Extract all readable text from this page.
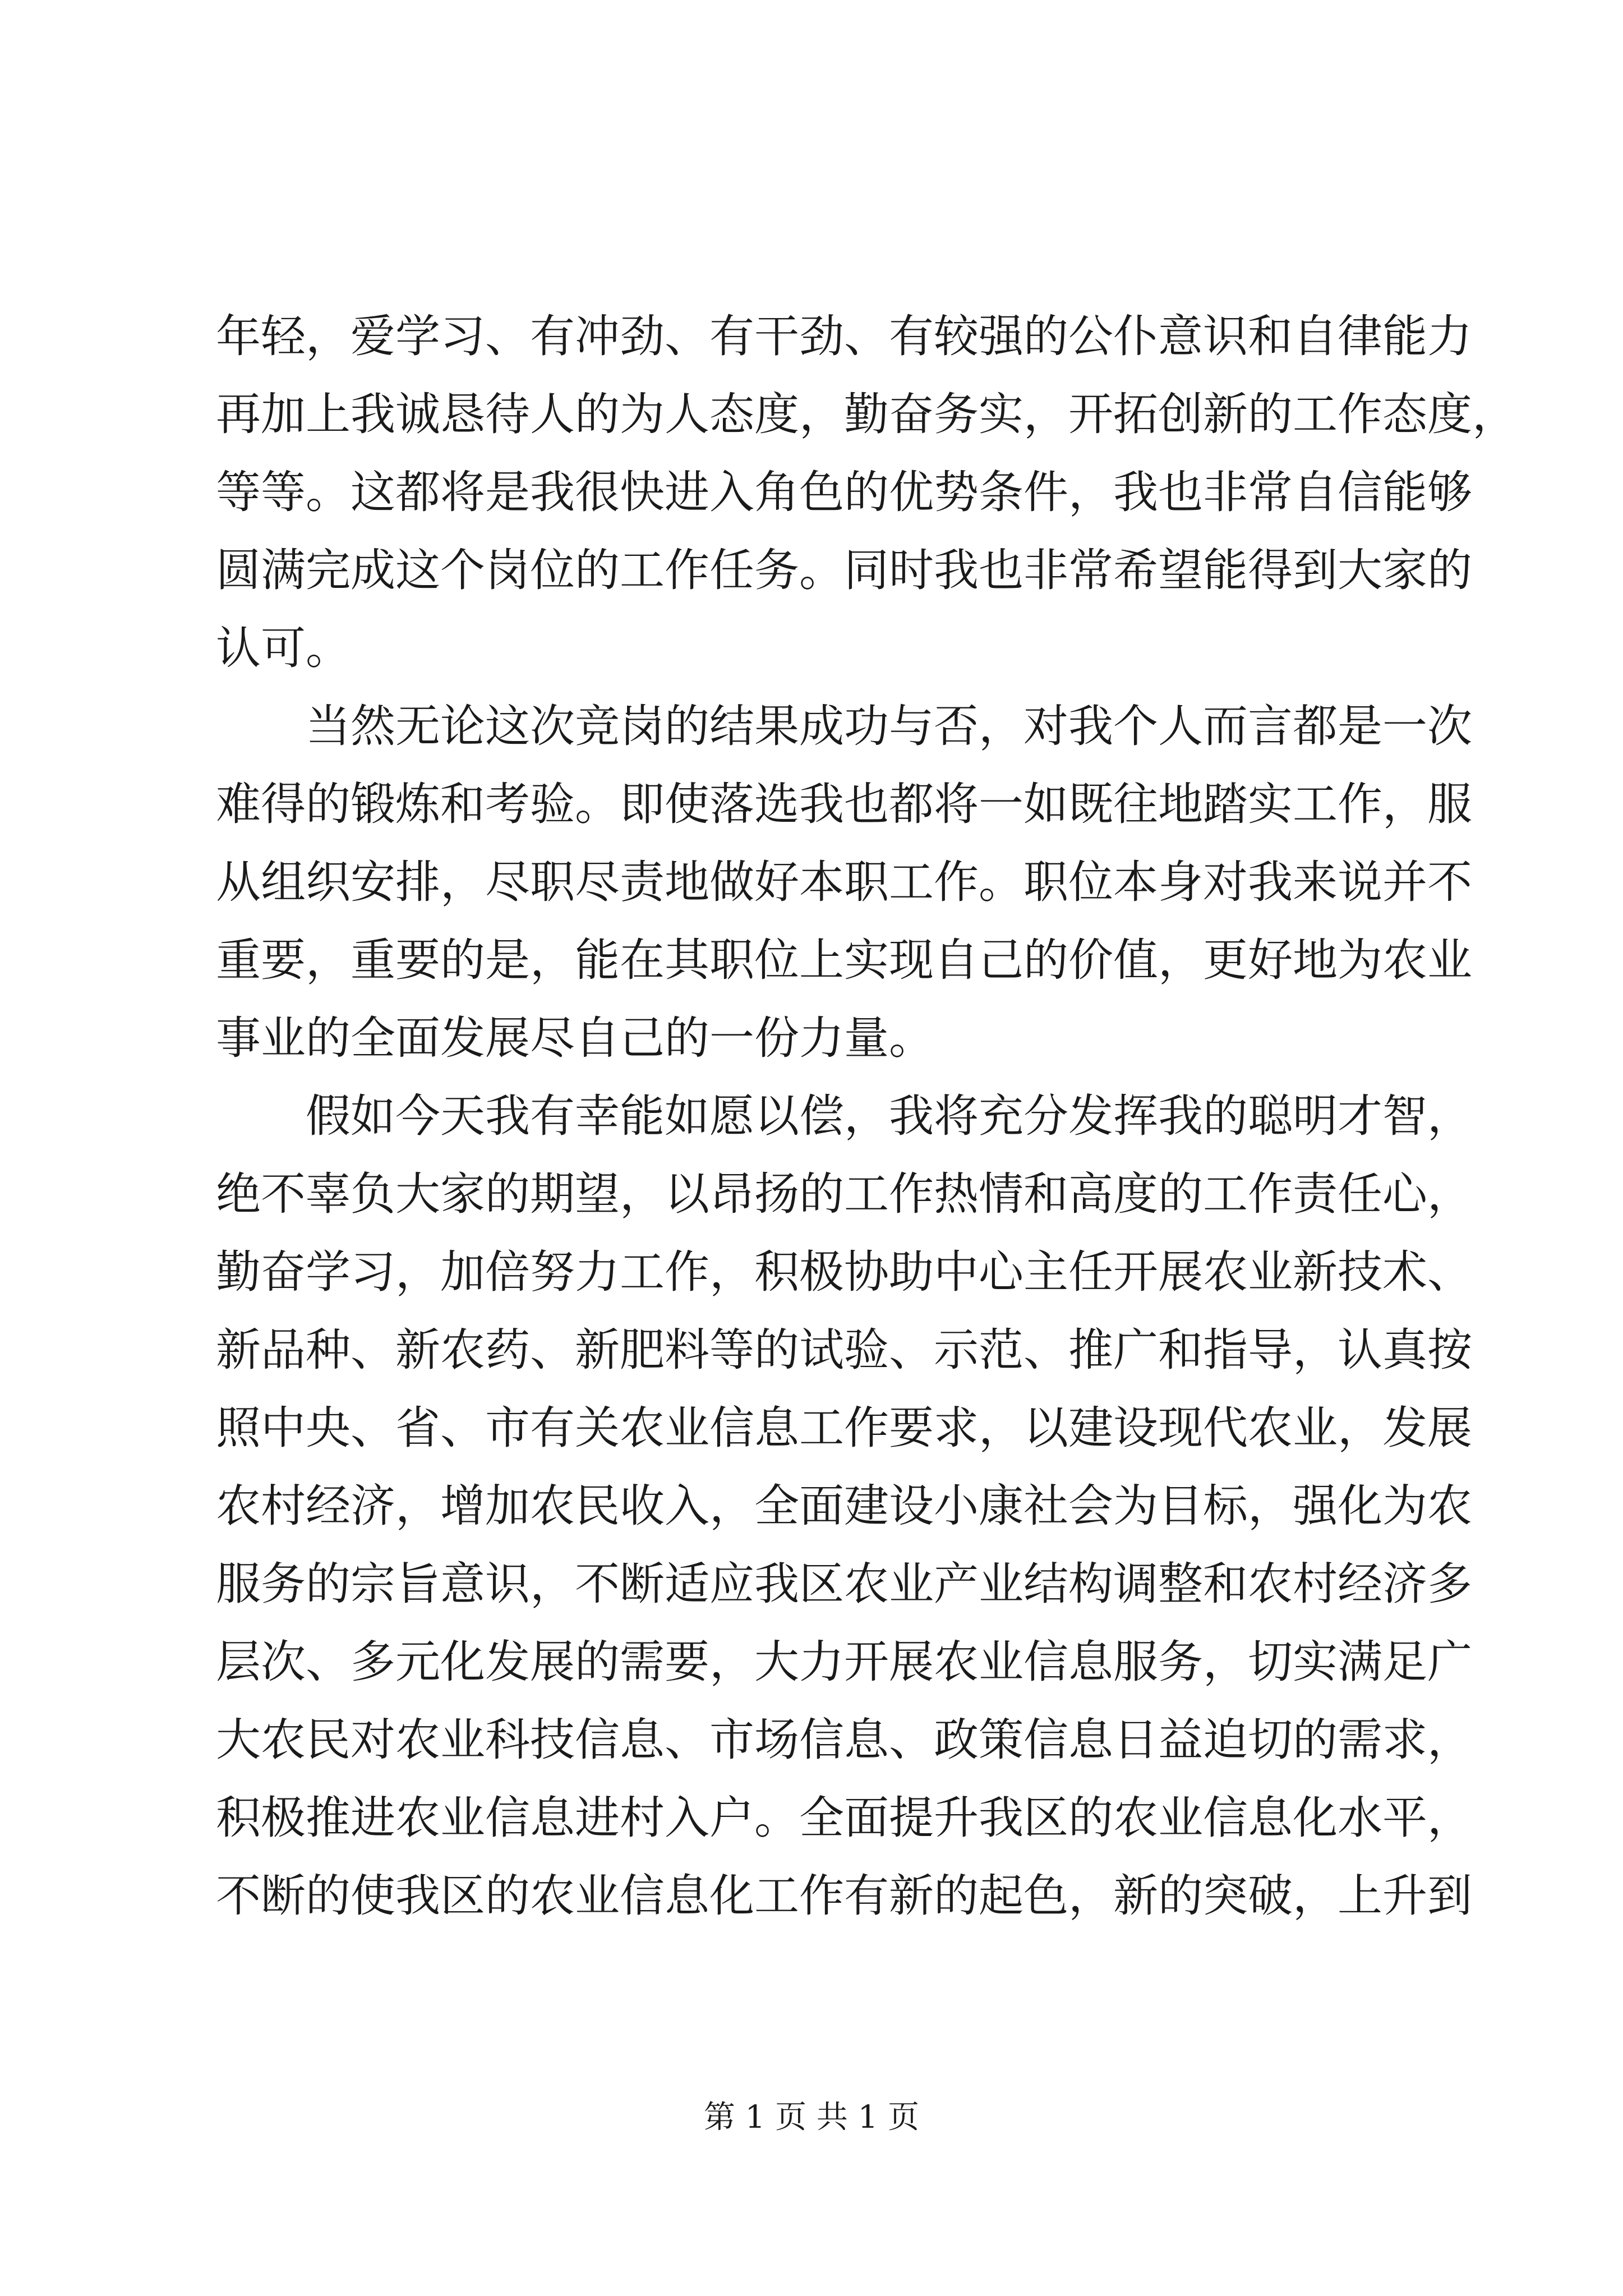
年轻，爱学习、有冲劲、有干劲、有较强的公仆意识和自律能力
再加上我诚恳待人的为人态度，勤奋务实，开拓创新的工作态度，
等等。这都将是我很快进入角色的优势条件，我也非常自信能够
圆满完成这个岗位的工作任务。同时我也非常希望能得到大家的
认可。
当然无论这次竞岗的结果成功与否，对我个人而言都是一次
难得的锻炼和考验。即使落选我也都将一如既往地踏实工作，服
从组织安排，尽职尽责地做好本职工作。职位本身对我来说并不
重要，重要的是，能在其职位上实现自己的价值，更好地为农业
事业的全面发展尽自己的一份力量。
假如今天我有幸能如愿以偿，我将充分发挥我的聪明才智，
绝不辜负大家的期望，以昂扬的工作热情和高度的工作责任心，
勤奋学习，加倍努力工作，积极协助中心主任开展农业新技术、
新品种、新农药、新肥料等的试验、示范、推广和指导，认真按
照中央、省、市有关农业信息工作要求，以建设现代农业，发展
农村经济，增加农民收入，全面建设小康社会为目标，强化为农
服务的宗旨意识，不断适应我区农业产业结构调整和农村经济多
层次、多元化发展的需要，大力开展农业信息服务，切实满足广
大农民对农业科技信息、市场信息、政策信息日益迫切的需求，
积极推进农业信息进村入户。全面提升我区的农业信息化水平，
不断的使我区的农业信息化工作有新的起色，新的突破，上升到
第 1 页 共 1 页
